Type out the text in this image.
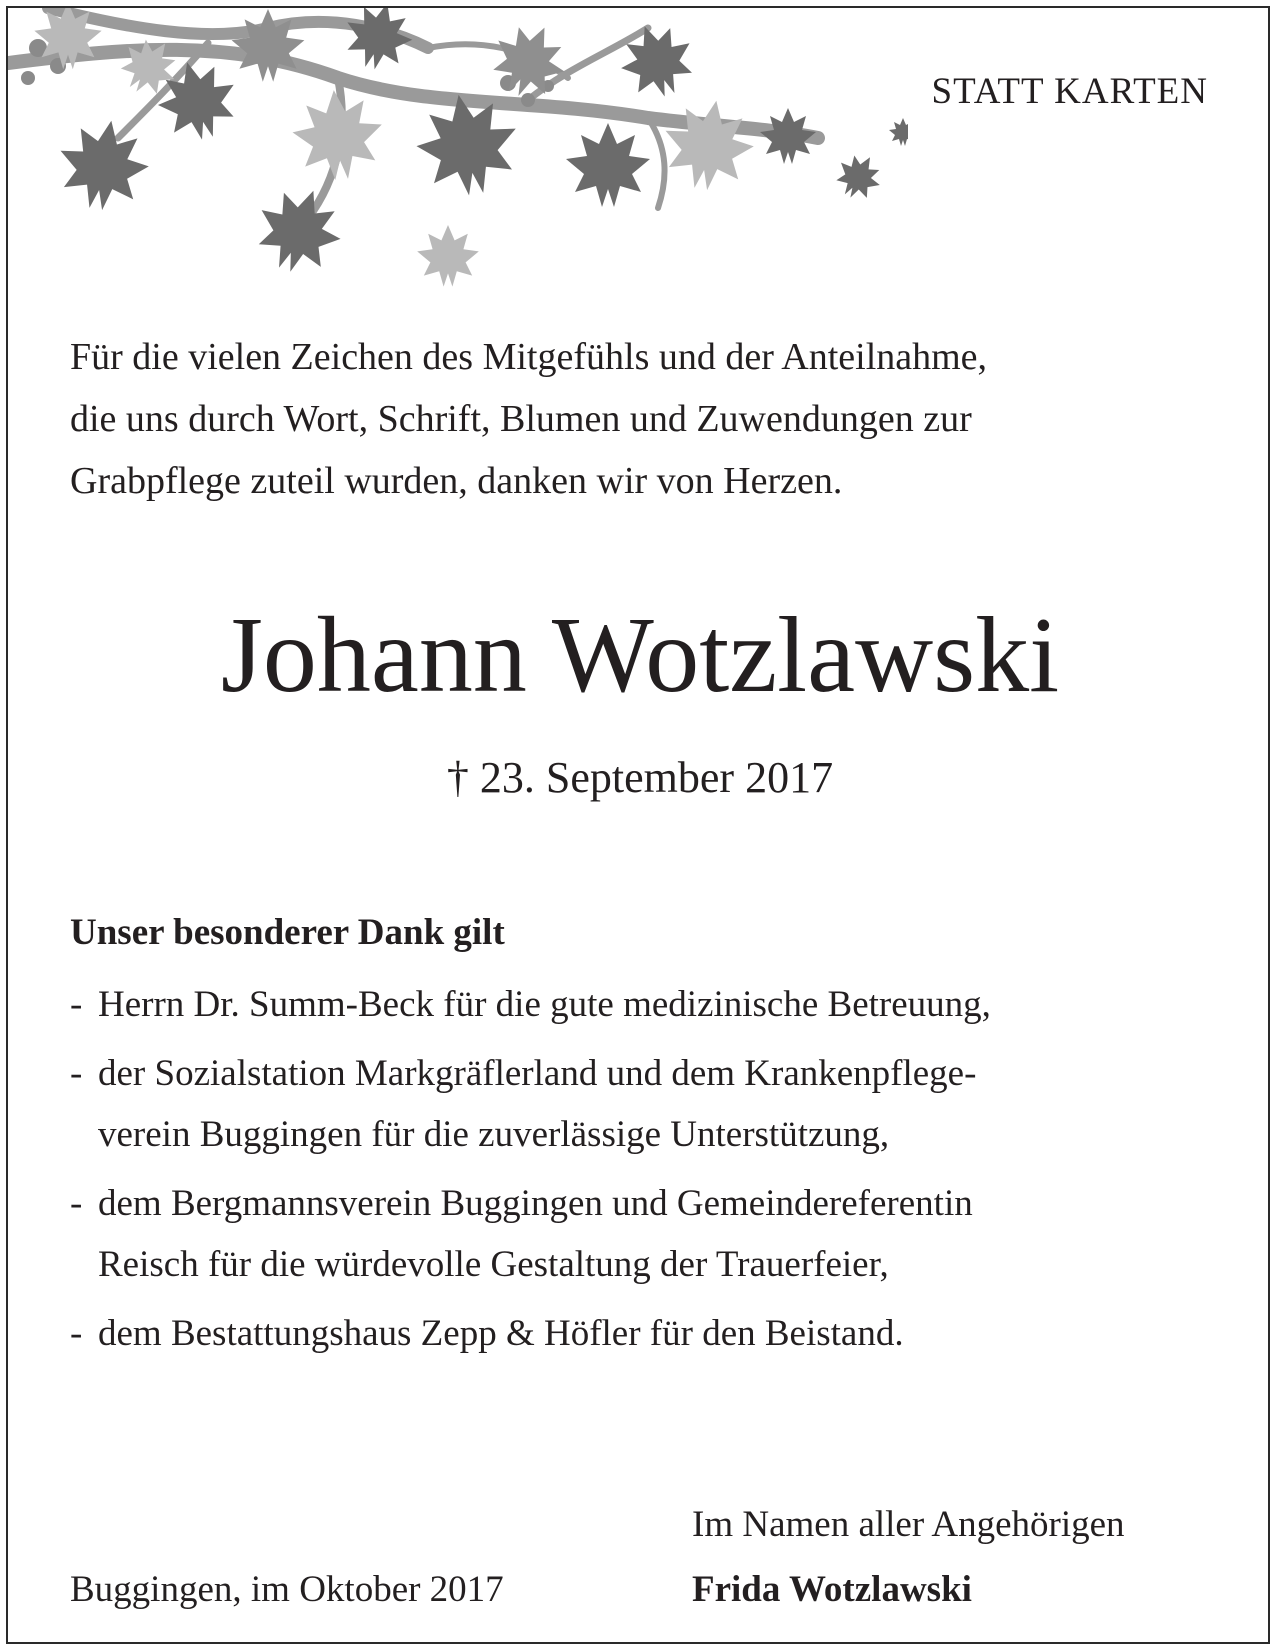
STATT KARTEN
Für die vielen Zeichen des Mitgefühls und der Anteilnahme,
die uns durch Wort, Schrift, Blumen und Zuwendungen zur
Grabpflege zuteil wurden, danken wir von Herzen.
Johann Wotzlawski
† 23. September 2017
Unser besonderer Dank gilt
- Herrn Dr. Summ-Beck für die gute medizinische Betreuung,
- der Sozialstation Markgräflerland und dem Krankenpflege-
verein Buggingen für die zuverlässige Unterstützung,
- dem Bergmannsverein Buggingen und Gemeindereferentin
Reisch für die würdevolle Gestaltung der Trauerfeier,
- dem Bestattungshaus Zepp & Höfler für den Beistand.
Im Namen aller Angehörigen
Frida Wotzlawski
Buggingen, im Oktober 2017
